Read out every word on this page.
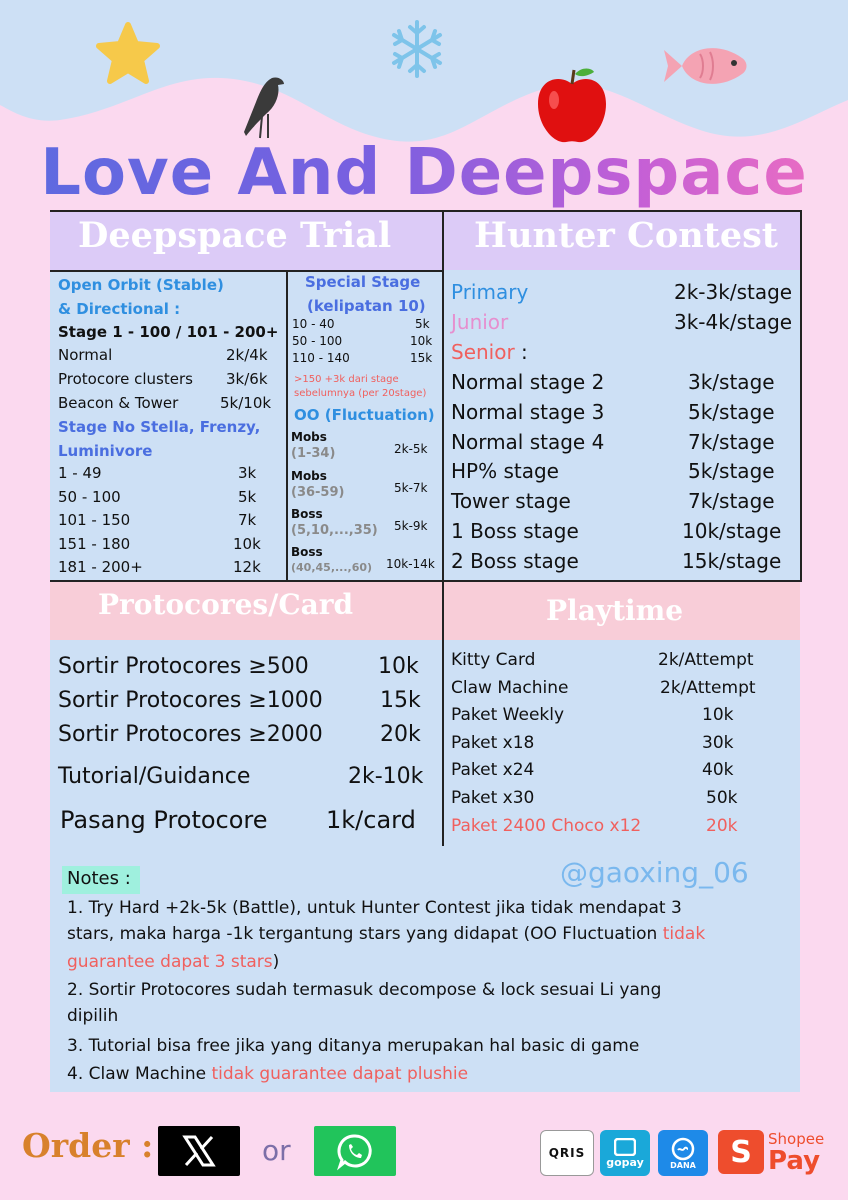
Love And Deepspace
Deepspace Trial Hunter Contest
Protocores/Card	Playtime
Open Orbit (Stable)
& Directional :
Stage 1 - 100 / 101 - 200+
Normal	2k/4k
Protocore clusters 3k/6k
Beacon & Tower	5k/10k
Stage No Stella, Frenzy,
Luminivore
1 - 49	3k
50 - 100	5k
101 - 150	7k
151 - 180	10k
181 - 200+	12k
Special Stage
(kelipatan 10)
10 - 40	5k
50 - 100	10k
110 - 140	15k
>150 +3k dari stage
sebelumnya (per 20stage)
OO (Fluctuation)
Mobs
(1-34)	2k-5k
Mobs
(36-59)	5k-7k
Boss
(5,10,...,35) 5k-9k
Boss
(40,45,...,60) 10k-14k
Primary	2k-3k/stage
Junior	3k-4k/stage
Senior :
Normal stage 2	3k/stage
Normal stage 3	5k/stage
Normal stage 4	7k/stage
HP% stage	5k/stage
Tower stage	7k/stage
1 Boss stage	10k/stage
2 Boss stage	15k/stage
Sortir Protocores ≥500	10k
Sortir Protocores ≥1000	15k
Sortir Protocores ≥2000	20k
Tutorial/Guidance	2k-10k
Pasang Protocore 1k/card
Kitty Card	2k/Attempt
Claw Machine	2k/Attempt
Paket Weekly	10k
Paket x18	30k
Paket x24	40k
Paket x30	50k
Paket 2400 Choco x12	20k
Notes :	@gaoxing_06
1. Try Hard +2k-5k (Battle), untuk Hunter Contest jika tidak mendapat 3
stars, maka harga -1k tergantung stars yang didapat (OO Fluctuation tidak
guarantee dapat 3 stars)
2. Sortir Protocores sudah termasuk decompose & lock sesuai Li yang
dipilih
3. Tutorial bisa free jika yang ditanya merupakan hal basic di game
4. Claw Machine tidak guarantee dapat plushie
Order :	or	QRIS
gopay	DANA S Shopee
Pay
